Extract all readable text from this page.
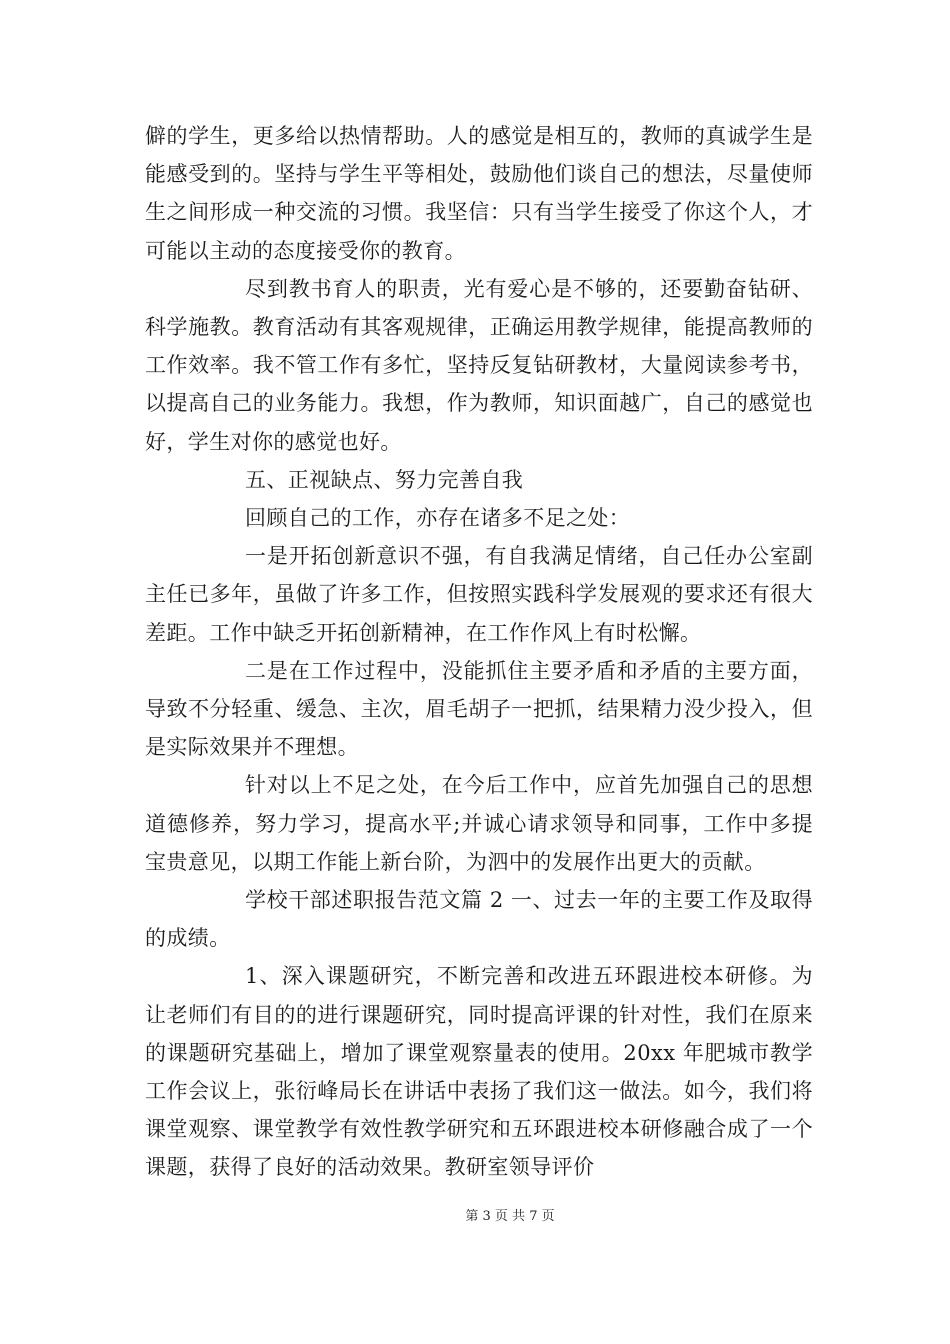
僻的学生，更多给以热情帮助。人的感觉是相互的，教师的真诚学生是能感受到的。坚持与学生平等相处，鼓励他们谈自己的想法，尽量使师生之间形成一种交流的习惯。我坚信：只有当学生接受了你这个人，才可能以主动的态度接受你的教育。

尽到教书育人的职责，光有爱心是不够的，还要勤奋钻研、科学施教。教育活动有其客观规律，正确运用教学规律，能提高教师的工作效率。我不管工作有多忙，坚持反复钻研教材，大量阅读参考书，以提高自己的业务能力。我想，作为教师，知识面越广，自己的感觉也好，学生对你的感觉也好。

五、正视缺点、努力完善自我

回顾自己的工作，亦存在诸多不足之处：

一是开拓创新意识不强，有自我满足情绪，自己任办公室副主任已多年，虽做了许多工作，但按照实践科学发展观的要求还有很大差距。工作中缺乏开拓创新精神，在工作作风上有时松懈。

二是在工作过程中，没能抓住主要矛盾和矛盾的主要方面，导致不分轻重、缓急、主次，眉毛胡子一把抓，结果精力没少投入，但是实际效果并不理想。

针对以上不足之处，在今后工作中，应首先加强自己的思想道德修养，努力学习，提高水平;并诚心请求领导和同事，工作中多提宝贵意见，以期工作能上新台阶，为泗中的发展作出更大的贡献。

学校干部述职报告范文篇 2 一、过去一年的主要工作及取得的成绩。

1、深入课题研究，不断完善和改进五环跟进校本研修。为让老师们有目的的进行课题研究，同时提高评课的针对性，我们在原来的课题研究基础上，增加了课堂观察量表的使用。20xx 年肥城市教学工作会议上，张衍峰局长在讲话中表扬了我们这一做法。如今，我们将课堂观察、课堂教学有效性教学研究和五环跟进校本研修融合成了一个课题，获得了良好的活动效果。教研室领导评价

第 3 页 共 7 页
